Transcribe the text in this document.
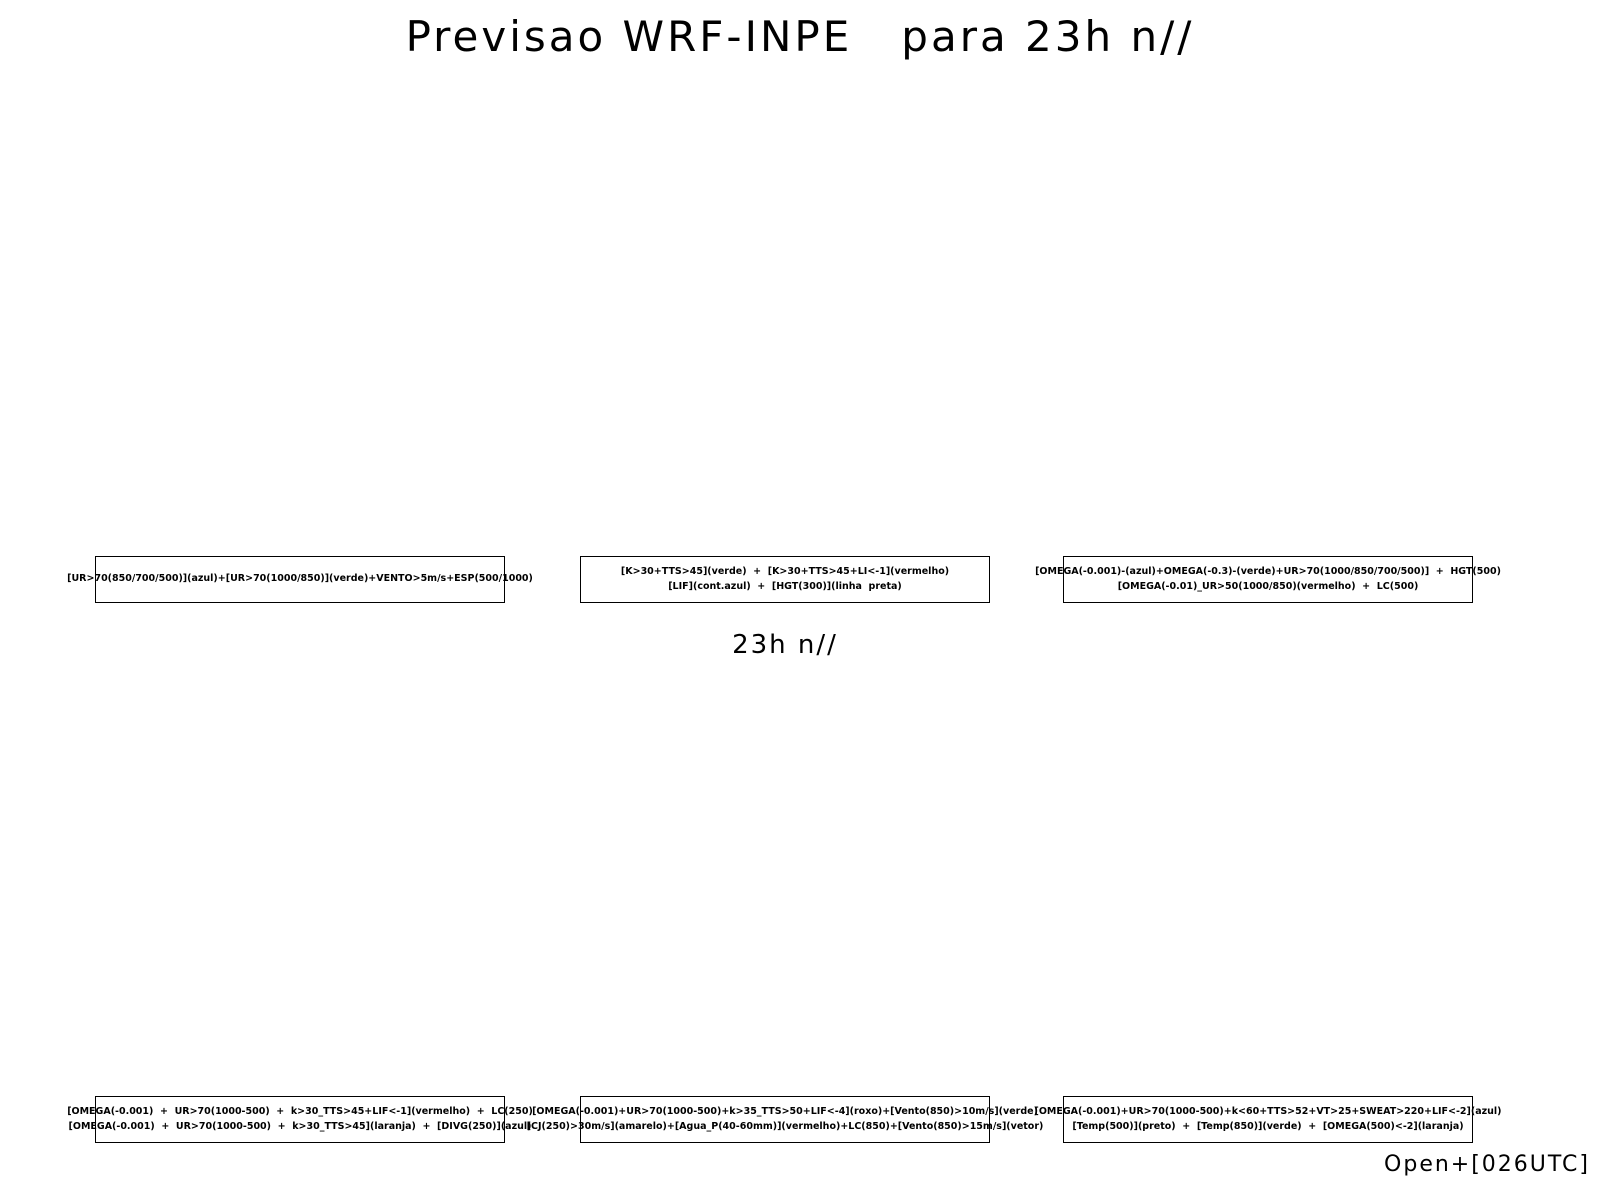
Previsao WRF-INPE   para 23h n//
[UR>70(850/700/500)](azul)+[UR>70(1000/850)](verde)+VENTO>5m/s+ESP(500/1000)
[K>30+TTS>45](verde)  +  [K>30+TTS>45+LI<-1](vermelho)
[LIF](cont.azul)  +  [HGT(300)](linha  preta)
[OMEGA(-0.001)-(azul)+OMEGA(-0.3)-(verde)+UR>70(1000/850/700/500)]  +  HGT(500)
[OMEGA(-0.01)_UR>50(1000/850)(vermelho)  +  LC(500)
23h n//
[OMEGA(-0.001)  +  UR>70(1000-500)  +  k>30_TTS>45+LIF<-1](vermelho)  +  LC(250)
[OMEGA(-0.001)  +  UR>70(1000-500)  +  k>30_TTS>45](laranja)  +  [DIVG(250)](azul)
[OMEGA(-0.001)+UR>70(1000-500)+k>35_TTS>50+LIF<-4](roxo)+[Vento(850)>10m/s](verde)
[CJ(250)>30m/s](amarelo)+[Agua_P(40-60mm)](vermelho)+LC(850)+[Vento(850)>15m/s](vetor)
[OMEGA(-0.001)+UR>70(1000-500)+k<60+TTS>52+VT>25+SWEAT>220+LIF<-2](azul)
[Temp(500)](preto)  +  [Temp(850)](verde)  +  [OMEGA(500)<-2](laranja)
Open+[026UTC]
